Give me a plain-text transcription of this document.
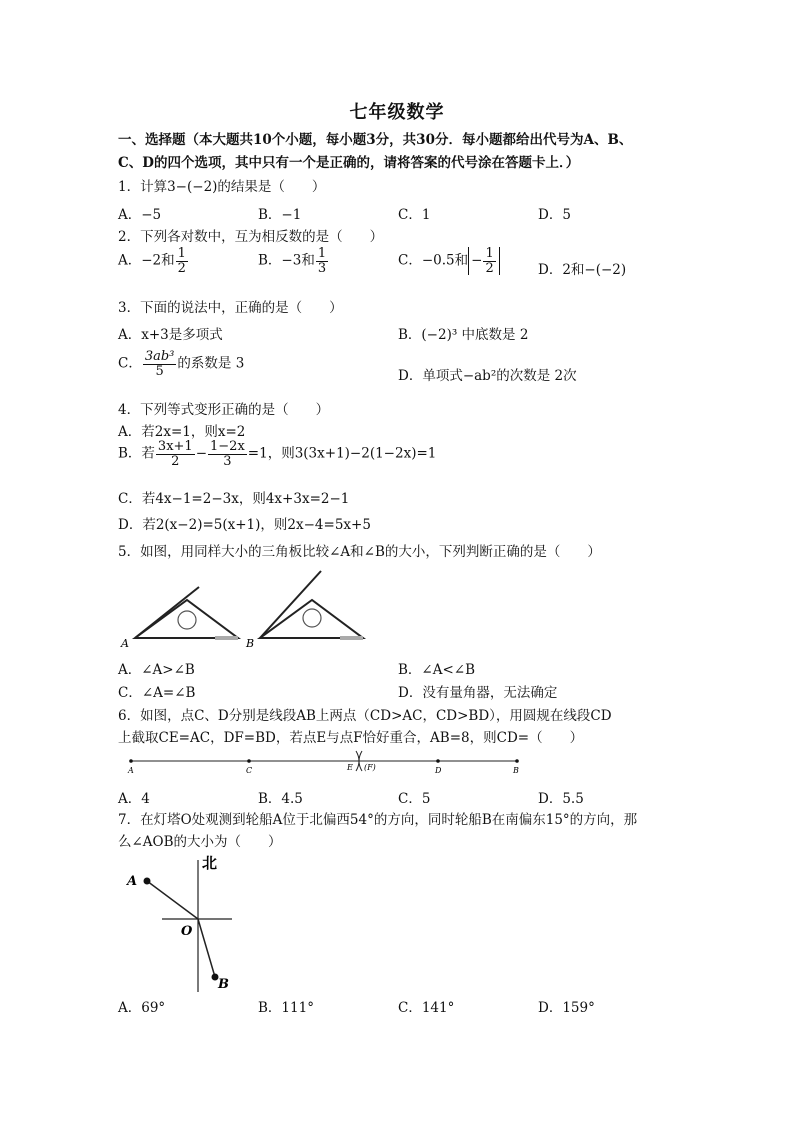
七年级数学
一、选择题（本大题共10个小题，每小题3分，共30分．每小题都给出代号为A、B、
C、D的四个选项，其中只有一个是正确的，请将答案的代号涂在答题卡上．）
1．计算3−(−2)的结果是（　　）
A．−5	B．−1	C．1	D．5
2．下列各对数中，互为相反数的是（　　）
A．−2和 $\frac{1}{2}$	B．−3和 $\frac{1}{3}$	C．−0.5和 − $\frac{1}{2}$	D．2和−(−2)
3．下面的说法中，正确的是（　　）
A．x+3是多项式	B．(−2)³ 中底数是 2
C． $\frac{\text{3ab³}}{5}$ 的系数是 3
D．单项式−ab²的次数是 2次
4．下列等式变形正确的是（　　）
A．若2x=1，则x=2
B．若 $\frac{3x+1}{2} - \frac{1-2x}{3} =1$，则3(3x+1)−2(1−2x)=1
C．若4x−1=2−3x，则4x+3x=2−1
D．若2(x−2)=5(x+1)，则2x−4=5x+5
5．如图，用同样大小的三角板比较∠A和∠B的大小，下列判断正确的是（　　）
A	B
A．∠A>∠B	B．∠A<∠B
C．∠A=∠B	D．没有量角器，无法确定
6．如图，点C、D分别是线段AB上两点（CD>AC，CD>BD），用圆规在线段CD
上截取CE=AC，DF=BD，若点E与点F恰好重合，AB=8，则CD=（　　）
A	C	E (F)	D	B
A．4	B．4.5	C．5	D．5.5
7．在灯塔O处观测到轮船A位于北偏西54°的方向，同时轮船B在南偏东15°的方向，那
么∠AOB的大小为（　　）
北
A
O
B
A．69°	B．111°	C．141°	D．159°
